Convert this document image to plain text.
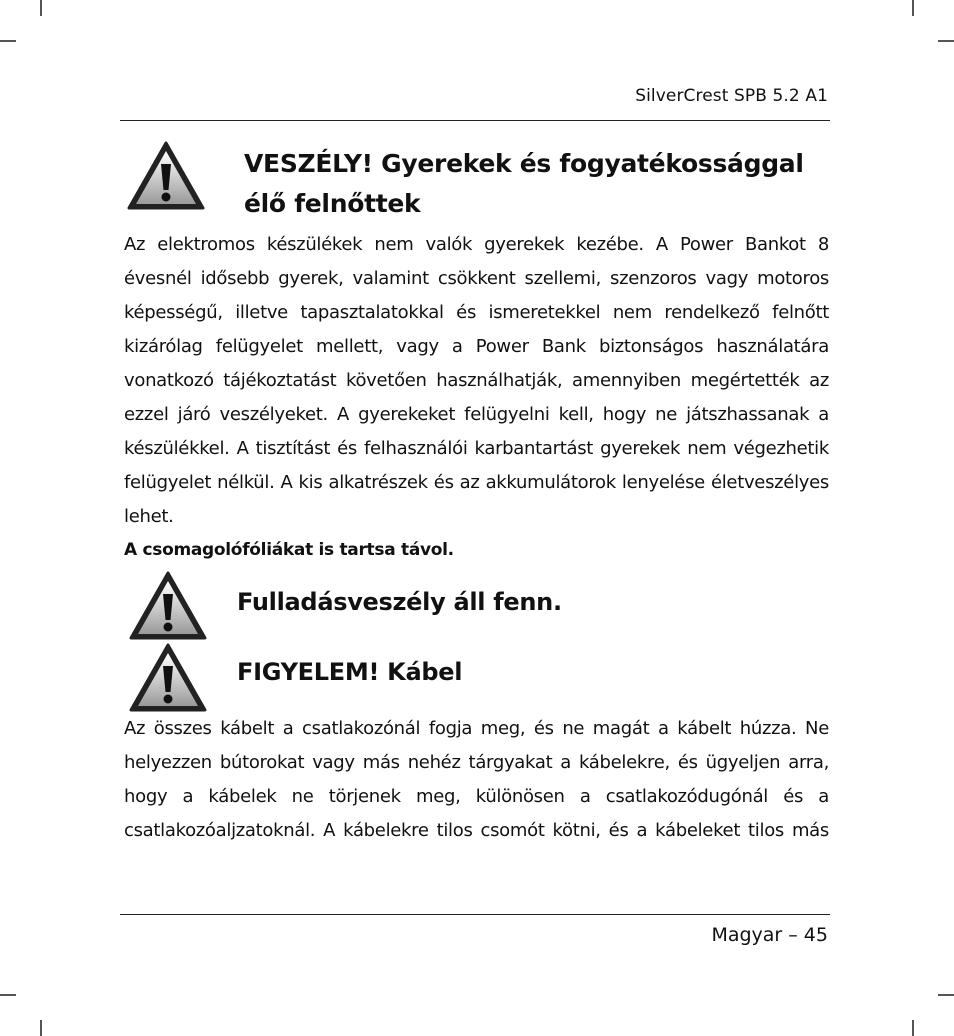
SilverCrest SPB 5.2 A1
VESZÉLY! Gyerekek és fogyatékossággal
élő felnőttek
Az elektromos készülékek nem valók gyerekek kezébe. A Power Bankot 8
évesnél idősebb gyerek, valamint csökkent szellemi, szenzoros vagy motoros
képességű, illetve tapasztalatokkal és ismeretekkel nem rendelkező felnőtt
kizárólag felügyelet mellett, vagy a Power Bank biztonságos használatára
vonatkozó tájékoztatást követően használhatják, amennyiben megértették az
ezzel járó veszélyeket. A gyerekeket felügyelni kell, hogy ne játszhassanak a
készülékkel. A tisztítást és felhasználói karbantartást gyerekek nem végezhetik
felügyelet nélkül. A kis alkatrészek és az akkumulátorok lenyelése életveszélyes
lehet.
A csomagolófóliákat is tartsa távol.
Fulladásveszély áll fenn.
FIGYELEM! Kábel
Az összes kábelt a csatlakozónál fogja meg, és ne magát a kábelt húzza. Ne
helyezzen bútorokat vagy más nehéz tárgyakat a kábelekre, és ügyeljen arra,
hogy a kábelek ne törjenek meg, különösen a csatlakozódugónál és a
csatlakozóaljzatoknál. A kábelekre tilos csomót kötni, és a kábeleket tilos más
Magyar – 45
